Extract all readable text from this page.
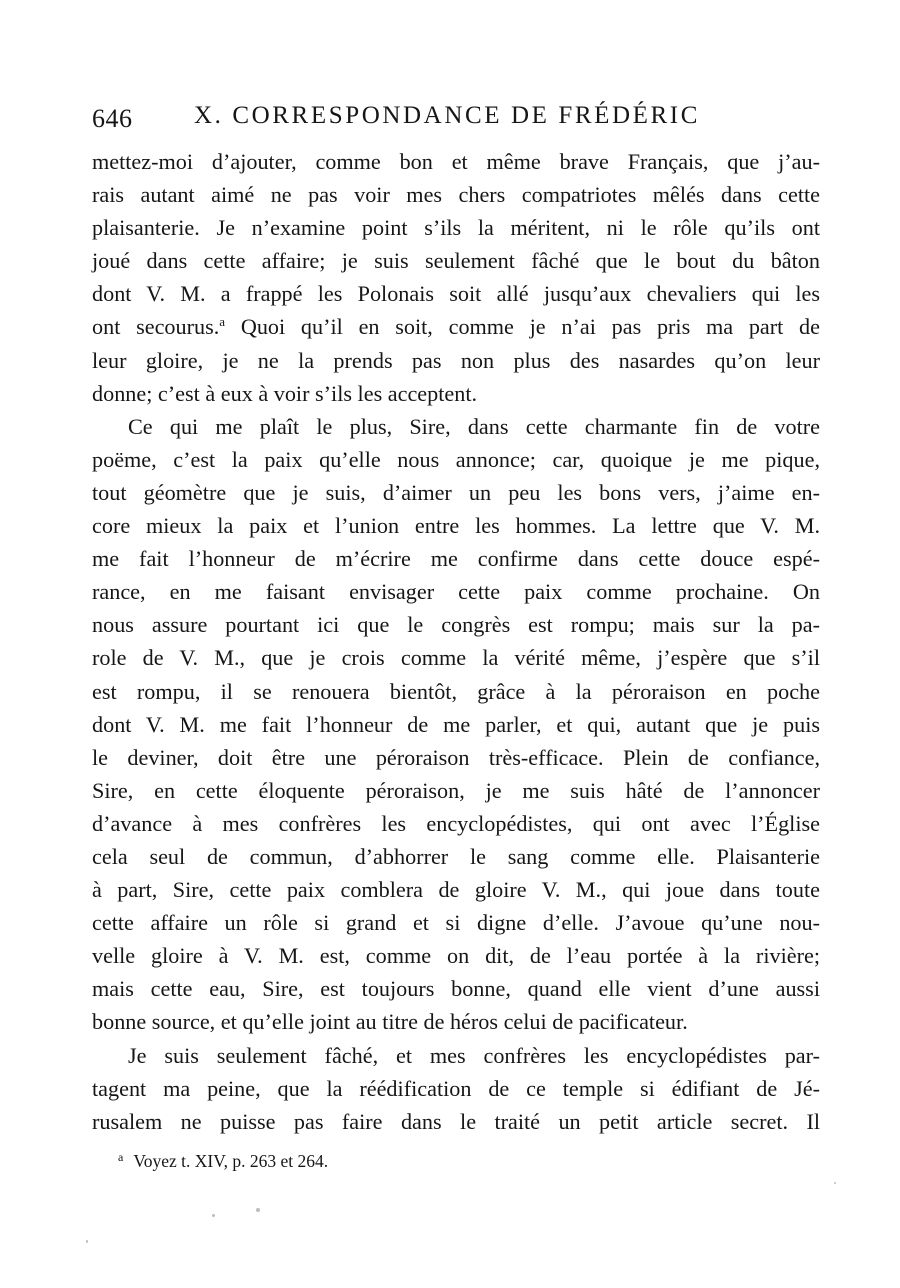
646 X. CORRESPONDANCE DE FRÉDÉRIC
mettez-moi d’ajouter, comme bon et même brave Français, que j’au-
rais autant aimé ne pas voir mes chers compatriotes mêlés dans cette
plaisanterie. Je n’examine point s’ils la méritent, ni le rôle qu’ils ont
joué dans cette affaire; je suis seulement fâché que le bout du bâton
dont V. M. a frappé les Polonais soit allé jusqu’aux chevaliers qui les
ont secourus.$^a$ Quoi qu’il en soit, comme je n’ai pas pris ma part de
leur gloire, je ne la prends pas non plus des nasardes qu’on leur
donne; c’est à eux à voir s’ils les acceptent.
Ce qui me plaît le plus, Sire, dans cette charmante fin de votre
poëme, c’est la paix qu’elle nous annonce; car, quoique je me pique,
tout géomètre que je suis, d’aimer un peu les bons vers, j’aime en-
core mieux la paix et l’union entre les hommes. La lettre que V. M.
me fait l’honneur de m’écrire me confirme dans cette douce espé-
rance, en me faisant envisager cette paix comme prochaine. On
nous assure pourtant ici que le congrès est rompu; mais sur la pa-
role de V. M., que je crois comme la vérité même, j’espère que s’il
est rompu, il se renouera bientôt, grâce à la péroraison en poche
dont V. M. me fait l’honneur de me parler, et qui, autant que je puis
le deviner, doit être une péroraison très-efficace. Plein de confiance,
Sire, en cette éloquente péroraison, je me suis hâté de l’annoncer
d’avance à mes confrères les encyclopédistes, qui ont avec l’Église
cela seul de commun, d’abhorrer le sang comme elle. Plaisanterie
à part, Sire, cette paix comblera de gloire V. M., qui joue dans toute
cette affaire un rôle si grand et si digne d’elle. J’avoue qu’une nou-
velle gloire à V. M. est, comme on dit, de l’eau portée à la rivière;
mais cette eau, Sire, est toujours bonne, quand elle vient d’une aussi
bonne source, et qu’elle joint au titre de héros celui de pacificateur.
Je suis seulement fâché, et mes confrères les encyclopédistes par-
tagent ma peine, que la réédification de ce temple si édifiant de Jé-
rusalem ne puisse pas faire dans le traité un petit article secret. Il
$^a$ Voyez t. XIV, p. 263 et 264.
